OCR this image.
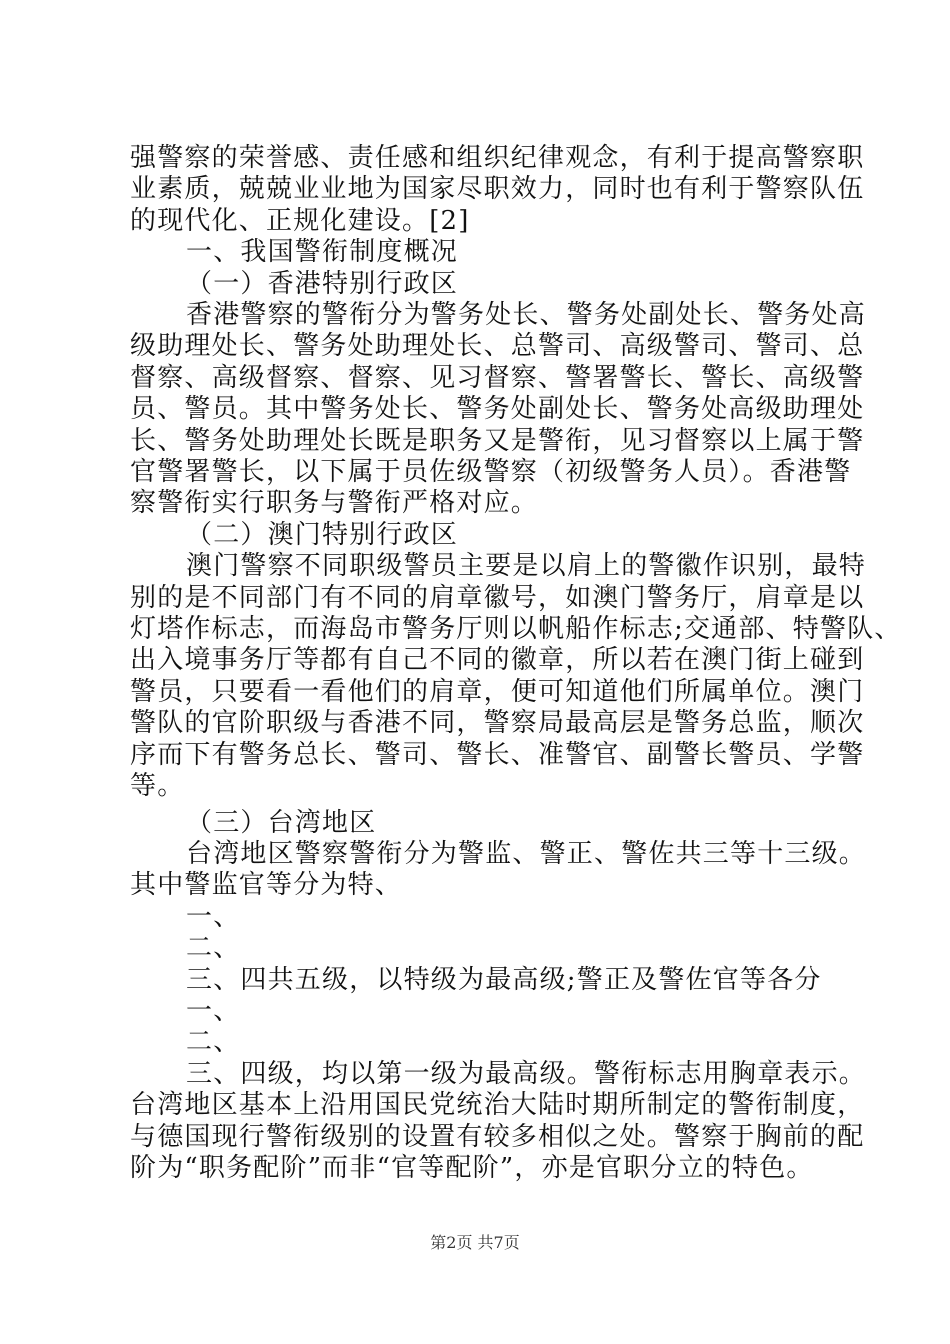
强警察的荣誉感、责任感和组织纪律观念，有利于提高警察职
业素质，兢兢业业地为国家尽职效力，同时也有利于警察队伍
的现代化、正规化建设。[2]
一、我国警衔制度概况
（一）香港特别行政区
香港警察的警衔分为警务处长、警务处副处长、警务处高
级助理处长、警务处助理处长、总警司、高级警司、警司、总
督察、高级督察、督察、见习督察、警署警长、警长、高级警
员、警员。其中警务处长、警务处副处长、警务处高级助理处
长、警务处助理处长既是职务又是警衔，见习督察以上属于警
官警署警长，以下属于员佐级警察（初级警务人员）。香港警
察警衔实行职务与警衔严格对应。
（二）澳门特别行政区
澳门警察不同职级警员主要是以肩上的警徽作识别，最特
别的是不同部门有不同的肩章徽号，如澳门警务厅，肩章是以
灯塔作标志，而海岛市警务厅则以帆船作标志;交通部、特警队、
出入境事务厅等都有自己不同的徽章，所以若在澳门街上碰到
警员，只要看一看他们的肩章，便可知道他们所属单位。澳门
警队的官阶职级与香港不同，警察局最高层是警务总监，顺次
序而下有警务总长、警司、警长、准警官、副警长警员、学警
等。
（三）台湾地区
台湾地区警察警衔分为警监、警正、警佐共三等十三级。
其中警监官等分为特、
一、
二、
三、四共五级，以特级为最高级;警正及警佐官等各分
一、
二、
三、四级，均以第一级为最高级。警衔标志用胸章表示。
台湾地区基本上沿用国民党统治大陆时期所制定的警衔制度，
与德国现行警衔级别的设置有较多相似之处。警察于胸前的配
阶为“职务配阶”而非“官等配阶”，亦是官职分立的特色。
第2页 共7页
